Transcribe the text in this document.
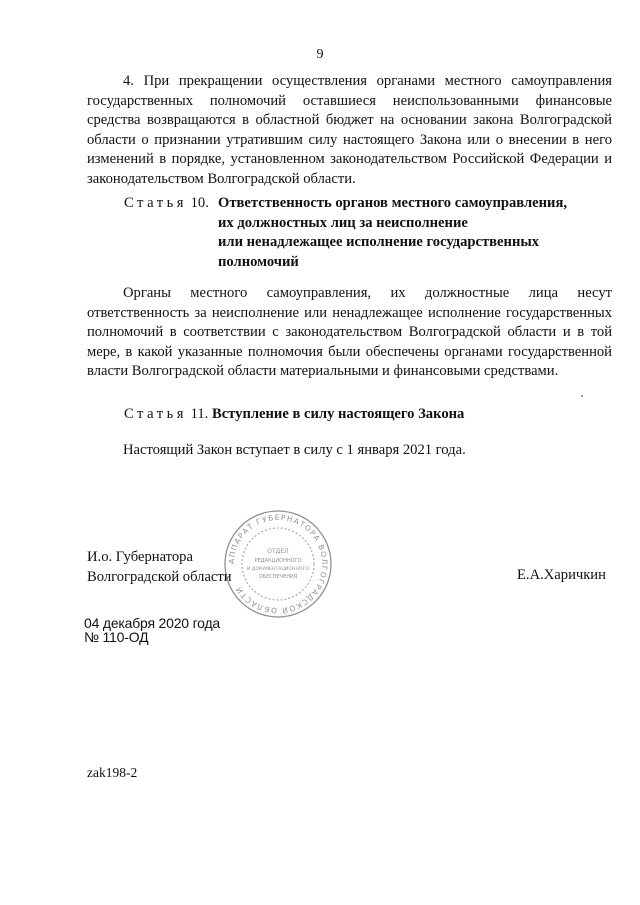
9
4. При прекращении осуществления органами местного самоуправления государственных полномочий оставшиеся неиспользованными финансовые средства возвращаются в областной бюджет на основании закона Волгоградской области о признании утратившим силу настоящего Закона или о внесении в него изменений в порядке, установленном законодательством Российской Федерации и законодательством Волгоградской области.
Статья 10. Ответственность органов местного самоуправления,
их должностных лиц за неисполнение
или ненадлежащее исполнение государственных
полномочий
Органы местного самоуправления, их должностные лица несут ответственность за неисполнение или ненадлежащее исполнение государственных полномочий в соответствии с законодательством Волгоградской области и в той мере, в какой указанные полномочия были обеспечены органами государственной власти Волгоградской области материальными и финансовыми средствами.
Статья 11. Вступление в силу настоящего Закона
Настоящий Закон вступает в силу с 1 января 2021 года.
АППАРАТ ГУБЕРНАТОРА ВОЛГОГРАДСКОЙ ОБЛАСТИ
ОТДЕЛ
РЕДАКЦИОННОГО
И ДОКУМЕНТАЦИОННОГО
ОБЕСПЕЧЕНИЯ
И.о. Губернатора
Волгоградской области	Е.А.Харичкин
04 декабря 2020 года
№ 110-ОД
zak198-2
